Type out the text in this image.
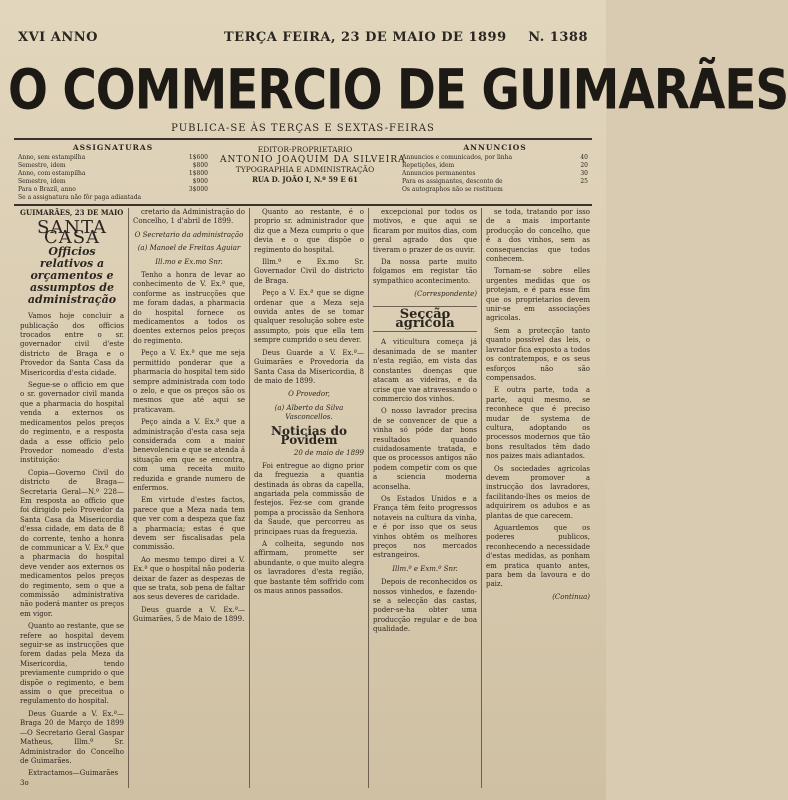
XVI ANNO	TERÇA FEIRA, 23 DE MAIO DE 1899 N. 1388
O COMMERCIO DE GUIMARÃES
PUBLICA-SE ÀS TERÇAS E SEXTAS-FEIRAS
ASSIGNATURAS
Anno, sem estampilha	1$600
Semestre, idem	$800
Anno, com estampilha	1$800
Semestre, idem	$900
Para o Brazil, anno	3$000
Se a assignatura não fôr paga adiantada
EDITOR-PROPRIETARIO
ANTONIO JOAQUIM DA SILVEIRA
TYPOGRAPHIA E ADMINISTRAÇÃO
RUA D. JOÃO I, N.º 59 E 61
ANNUNCIOS
Annuncios e comunicados, por linha	40
Repetições, idem	20
Annuncios permanentes	30
Para os assignantes, desconto de	25
Os autographos não se restituem
GUIMARÃES, 23 DE MAIO
SANTA CASA
Officios relativos a orçamentos e assumptos de administração

Vamos hoje concluir a publicação dos officios trocados entre o sr. governador civil d'este districto de Braga e o Provedor da Santa Casa da Misericordia d'esta cidade.

Segue-se o officio em que o sr. governador civil manda que a pharmacia do hospital venda a externos os medicamentos pelos preços do regimento, e a resposta dada a esse officio pelo Provedor nomeado d'esta instituição:

Copia—Governo Civil do districto de Braga—Secretaria Geral—N.º 228—Em resposta ao officio que foi dirigido pelo Provedor da Santa Casa da Misericordia d'essa cidade, em data de 8 do corrente, tenho a honra de communicar a V. Ex.ª que a pharmacia do hospital deve vender aos externos os medicamentos pelos preços do regimento, sem o que a commissão administrativa não poderá manter os preços em vigor.

Quanto ao restante, que se refere ao hospital devem seguir-se as instrucções que forem dadas pela Meza da Misericordia, tendo previamente cumprido o que dispõe o regimento, e bem assim o que preceitua o regulamento do hospital.

Deus Guarde a V. Ex.ª—Braga 20 de Março de 1899—O Secretario Geral Gaspar Matheus, Illm.º Sr. Administrador do Concelho de Guimarães.

Extractamos—Guimarães 3o

cretario da Administração do Concelho, 1 d'abril de 1899.

O Secretario da administração
(a) Manoel de Freitas Aguiar
Ill.mo e Ex.mo Snr.

Tenho a honra de levar ao conhecimento de V. Ex.ª que, conforme as instrucções que me foram dadas, a pharmacia do hospital fornece os medicamentos a todos os doentes externos pelos preços do regimento.

Peço a V. Ex.ª que me seja permittido ponderar que a pharmacia do hospital tem sido sempre administrada com todo o zelo, e que os preços são os mesmos que até aqui se praticavam.

Peço ainda a V. Ex.ª que a administração d'esta casa seja considerada com a maior benevolencia e que se atenda á situação em que se encontra, com uma receita muito reduzida e grande numero de enfermos.

Em virtude d'estes factos, parece que a Meza nada tem que ver com a despeza que faz a pharmacia; estas é que devem ser fiscalisadas pela commissão.

Ao mesmo tempo direi a V. Ex.ª que o hospital não poderia deixar de fazer as despezas de que se trata, sob pena de faltar aos seus deveres de caridade.

Deus guarde a V. Ex.ª—Guimarães, 5 de Maio de 1899.

Quanto ao restante, é o proprio sr. administrador que diz que a Meza cumpriu o que devia e o que dispõe o regimento do hospital.

Illm.º e Ex.mo Sr. Governador Civil do districto de Braga.

Peço a V. Ex.ª que se digne ordenar que a Meza seja ouvida antes de se tomar qualquer resolução sobre este assumpto, pois que ella tem sempre cumprido o seu dever.

Deus Guarde a V. Ex.ª—Guimarães e Provedoria da Santa Casa da Misericordia, 8 de maio de 1899.

O Provedor,
(a) Alberto da Silva Vasconcellos.
Noticias do Povidem
20 de maio de 1899

Foi entregue ao digno prior da freguezia a quantia destinada ás obras da capella, angariada pela commissão de festejos. Fez-se com grande pompa a procissão da Senhora da Saude, que percorreu as principaes ruas da freguezia.

A colheita, segundo nos affirmam, promette ser abundante, o que muito alegra os lavradores d'esta região, que bastante têm soffrido com os maus annos passados.

excepcional por todos os motivos, e que aqui se ficaram por muitos dias, com geral agrado dos que tiveram o prazer de os ouvir.

Da nossa parte muito folgamos em registar tão sympathico acontecimento.

(Correspondente)
Secção agricola

A viticultura começa já desanimada de se manter n'esta região, em vista das constantes doenças que atacam as videiras, e da crise que vae atravessando o commercio dos vinhos.

O nosso lavrador precisa de se convencer de que a vinha só póde dar bons resultados quando cuidadosamente tratada, e que os processos antigos não podem competir com os que a sciencia moderna aconselha.

Os Estados Unidos e a França têm feito progressos notaveis na cultura da vinha, e é por isso que os seus vinhos obtêm os melhores preços nos mercados estrangeiros.

Illm.º e Exm.º Snr.

Depois de reconhecidos os nossos vinhedos, e fazendo-se a selecção das castas, poder-se-ha obter uma producção regular e de boa qualidade.

se toda, tratando por isso de a mais importante producção do concelho, que é a dos vinhos, sem as consequencias que todos conhecem.

Tornam-se sobre elles urgentes medidas que os protejam, e é para esse fim que os proprietarios devem unir-se em associações agricolas.

Sem a protecção tanto quanto possível das leis, o lavrador fica exposto a todos os contratempos, e os seus esforços não são compensados.

E outra parte, toda a parte, aqui mesmo, se reconhece que é preciso mudar de systema de cultura, adoptando os processos modernos que tão bons resultados têm dado nos paizes mais adiantados.

Os sociedades agricolas devem promover a instrucção dos lavradores, facilitando-lhes os meios de adquirirem os adubos e as plantas de que carecem.

Aguardemos que os poderes publicos, reconhecendo a necessidade d'estas medidas, as ponham em pratica quanto antes, para bem da lavoura e do paiz.

(Continua)
